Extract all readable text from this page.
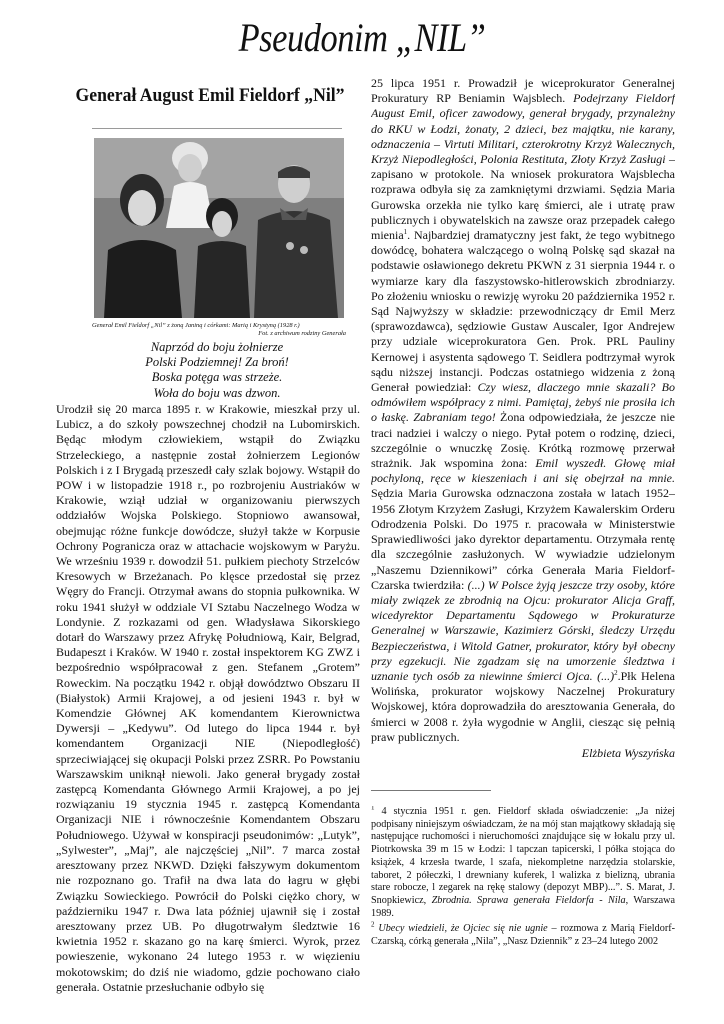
Pseudonim „NIL”
Generał August Emil Fieldorf „Nil”
Generał Emil Fieldorf „Nil” z żoną Janiną i córkami: Marią i Krystyną (1928 r.)
Fot. z archiwum rodziny Generała
Naprzód do boju żołnierze
Polski Podziemnej! Za broń!
Boska potęga was strzeże.
Woła do boju was dzwon.

Urodził się 20 marca 1895 r. w Krakowie, mieszkał przy ul. Lubicz, a do szkoły powszechnej chodził na Lubomirskich. Będąc młodym człowiekiem, wstąpił do Związku Strzeleckiego, a następnie został żołnierzem Legionów Polskich i z I Brygadą przeszedł cały szlak bojowy. Wstąpił do POW i w listopadzie 1918 r., po rozbrojeniu Austriaków w Krakowie, wziął udział w organizowaniu pierwszych oddziałów Wojska Polskiego. Stopniowo awansował, obejmując różne funkcje dowódcze, służył także w Korpusie Ochrony Pogranicza oraz w attachacie wojskowym w Paryżu. We wrześniu 1939 r. dowodził 51. pułkiem piechoty Strzelców Kresowych w Brzeżanach. Po klęsce przedostał się przez Węgry do Francji. Otrzymał awans do stopnia pułkownika. W roku 1941 służył w oddziale VI Sztabu Naczelnego Wodza w Londynie. Z rozkazami od gen. Władysława Sikorskiego dotarł do Warszawy przez Afrykę Południową, Kair, Belgrad, Budapeszt i Kraków. W 1940 r. został inspektorem KG ZWZ i bezpośrednio współpracował z gen. Stefanem „Grotem” Roweckim. Na początku 1942 r. objął dowództwo Obszaru II (Białystok) Armii Krajowej, a od jesieni 1943 r. był w Komendzie Głównej AK komendantem Kierownictwa Dywersji – „Kedywu”. Od lutego do lipca 1944 r. był komendantem Organizacji NIE (Niepodległość) sprzeciwiającej się okupacji Polski przez ZSRR. Po Powstaniu Warszawskim uniknął niewoli. Jako generał brygady został zastępcą Komendanta Głównego Armii Krajowej, a po jej rozwiązaniu 19 stycznia 1945 r. zastępcą Komendanta Organizacji NIE i równocześnie Komendantem Obszaru Południowego. Używał w konspiracji pseudonimów: „Lutyk”, „Sylwester”, „Maj”, ale najczęściej „Nil”. 7 marca został aresztowany przez NKWD. Dzięki fałszywym dokumentom nie rozpoznano go. Trafił na dwa lata do łagru w głębi Związku Sowieckiego. Powrócił do Polski ciężko chory, w październiku 1947 r. Dwa lata później ujawnił się i został aresztowany przez UB. Po długotrwałym śledztwie 16 kwietnia 1952 r. skazano go na karę śmierci. Wyrok, przez powieszenie, wykonano 24 lutego 1953 r. w więzieniu mokotowskim; do dziś nie wiadomo, gdzie pochowano ciało generała. Ostatnie przesłuchanie odbyło się

25 lipca 1951 r. Prowadził je wiceprokurator Generalnej Prokuratury RP Beniamin Wajsblech. Podejrzany Fieldorf August Emil, oficer zawodowy, generał brygady, przynależny do RKU w Łodzi, żonaty, 2 dzieci, bez majątku, nie karany, odznaczenia – Virtuti Militari, czterokrotny Krzyż Walecznych, Krzyż Niepodległości, Polonia Restituta, Złoty Krzyż Zasługi – zapisano w protokole. Na wniosek prokuratora Wajsblecha rozprawa odbyła się za zamkniętymi drzwiami. Sędzia Maria Gurowska orzekła nie tylko karę śmierci, ale i utratę praw publicznych i obywatelskich na zawsze oraz przepadek całego mienia$^1$. Najbardziej dramatyczny jest fakt, że tego wybitnego dowódcę, bohatera walczącego o wolną Polskę sąd skazał na podstawie osławionego dekretu PKWN z 31 sierpnia 1944 r. o wymiarze kary dla faszystowsko-hitlerowskich zbrodniarzy. Po złożeniu wniosku o rewizję wyroku 20 października 1952 r. Sąd Najwyższy w składzie: przewodniczący dr Emil Merz (sprawozdawca), sędziowie Gustaw Auscaler, Igor Andrejew przy udziale wiceprokuratora Gen. Prok. PRL Pauliny Kernowej i asystenta sądowego T. Seidlera podtrzymał wyrok sądu niższej instancji. Podczas ostatniego widzenia z żoną Generał powiedział: Czy wiesz, dlaczego mnie skazali? Bo odmówiłem współpracy z nimi. Pamiętaj, żebyś nie prosiła ich o łaskę. Zabraniam tego! Żona odpowiedziała, że jeszcze nie traci nadziei i walczy o niego. Pytał potem o rodzinę, dzieci, szczególnie o wnuczkę Zosię. Krótką rozmowę przerwał strażnik. Jak wspomina żona: Emil wyszedł. Głowę miał pochyloną, ręce w kieszeniach i ani się obejrzał na mnie. Sędzia Maria Gurowska odznaczona została w latach 1952–1956 Złotym Krzyżem Zasługi, Krzyżem Kawalerskim Orderu Odrodzenia Polski. Do 1975 r. pracowała w Ministerstwie Sprawiedliwości jako dyrektor departamentu. Otrzymała rentę dla szczególnie zasłużonych. W wywiadzie udzielonym „Naszemu Dziennikowi” córka Generała Maria Fieldorf-Czarska twierdziła: (...) W Polsce żyją jeszcze trzy osoby, które miały związek ze zbrodnią na Ojcu: prokurator Alicja Graff, wicedyrektor Departamentu Sądowego w Prokuraturze Generalnej w Warszawie, Kazimierz Górski, śledczy Urzędu Bezpieczeństwa, i Witold Gatner, prokurator, który był obecny przy egzekucji. Nie zgadzam się na umorzenie śledztwa i uznanie tych osób za niewinne śmierci Ojca. (...)$^2$.Płk Helena Wolińska, prokurator wojskowy Naczelnej Prokuratury Wojskowej, która doprowadziła do aresztowania Generała, do śmierci w 2008 r. żyła wygodnie w Anglii, ciesząc się pełnią praw publicznych.

Elżbieta Wyszyńska

$^1$ 4 stycznia 1951 r. gen. Fieldorf składa oświadczenie: „Ja niżej podpisany niniejszym oświadczam, że na mój stan majątkowy składają się następujące ruchomości i nieruchomości znajdujące się w łokalu przy ul. Piotrkowska 39 m 15 w Łodzi: l tapczan tapicerski, l półka stojąca do książek, 4 krzesła twarde, l szafa, niekompletne narzędzia stolarskie, taboret, 2 półeczki, l drewniany kuferek, l walizka z bielizną, ubrania stare robocze, l zegarek na rękę stalowy (depozyt MBP)...”. S. Marat, J. Snopkiewicz, Zbrodnia. Sprawa generała Fieldorfa - Nila, Warszawa 1989.

$^2$ Ubecy wiedzieli, że Ojciec się nie ugnie – rozmowa z Marią Fieldorf-Czarską, córką generała „Nila”, „Nasz Dziennik” z 23–24 lutego 2002
